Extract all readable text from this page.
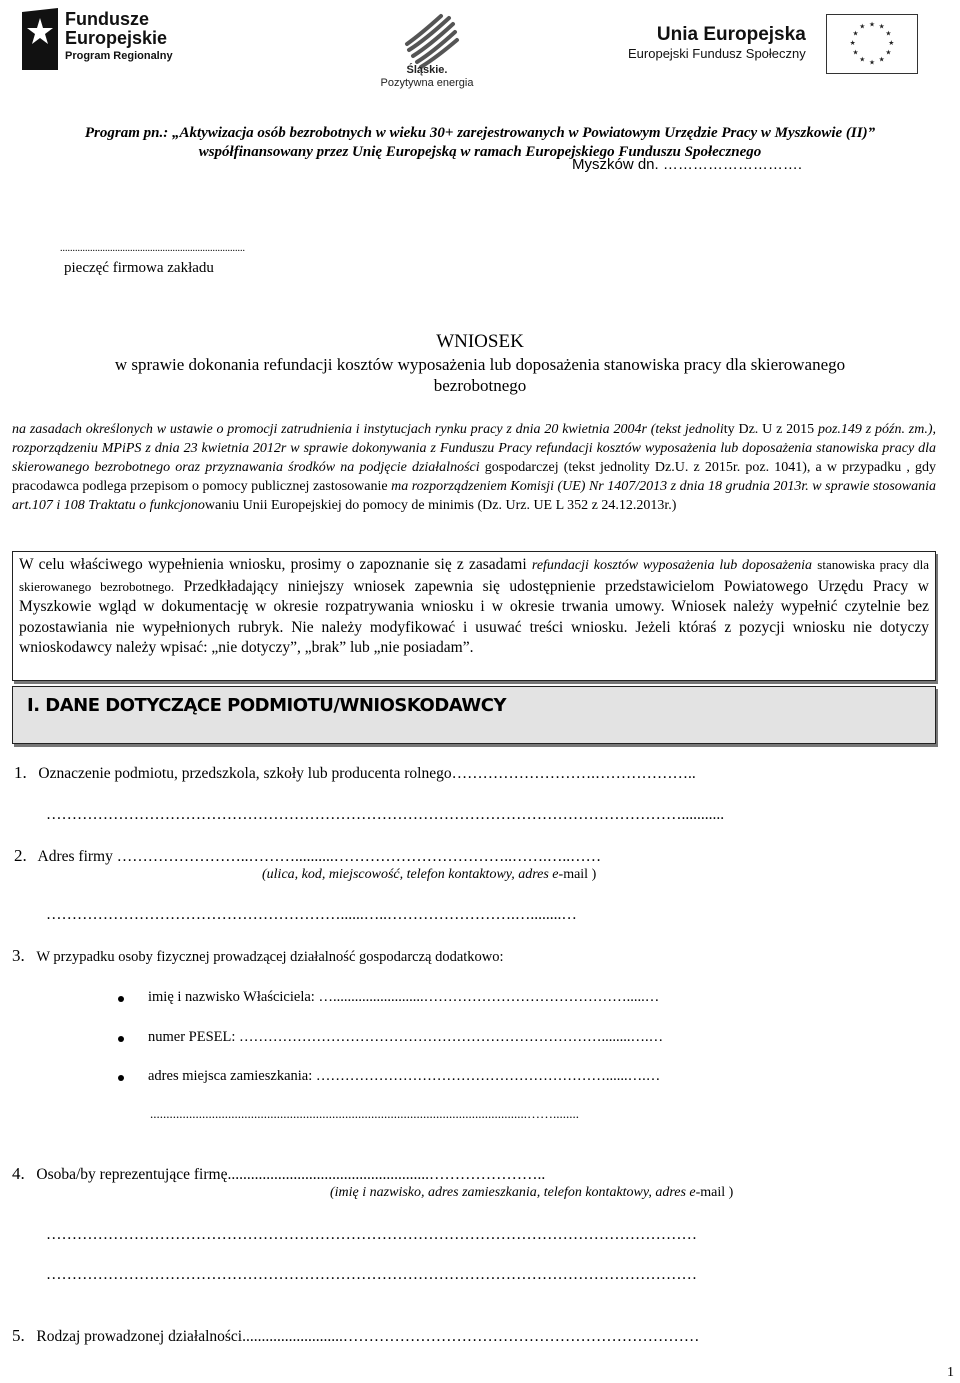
Fundusze
Europejskie
Program Regionalny
Śląskie.
Pozytywna energia
Unia Europejska
Europejski Fundusz Społeczny
★ ★
★
★
★
★
★
★
★
★
★
★
Program pn.: „Aktywizacja osób bezrobotnych w wieku 30+ zarejestrowanych w Powiatowym Urzędzie Pracy w Myszkowie (II)”
współfinansowany przez Unię Europejską w ramach Europejskiego Funduszu Społecznego
Myszków dn. ……………………….
..........................................................................
pieczęć firmowa zakładu
WNIOSEK
w sprawie dokonania refundacji kosztów wyposażenia lub doposażenia stanowiska pracy dla skierowanego bezrobotnego
na zasadach określonych w ustawie o promocji zatrudnienia i instytucjach rynku pracy z dnia 20 kwietnia 2004r (tekst jednolity Dz. U z 2015 poz.149 z późn. zm.), rozporządzeniu MPiPS z dnia 23 kwietnia 2012r w sprawie dokonywania z Funduszu Pracy refundacji kosztów wyposażenia lub doposażenia stanowiska pracy dla skierowanego bezrobotnego oraz przyznawania środków na podjęcie działalności gospodarczej (tekst jednolity Dz.U. z 2015r. poz. 1041), a w przypadku , gdy pracodawca podlega przepisom o pomocy publicznej zastosowanie ma rozporządzeniem Komisji (UE) Nr 1407/2013 z dnia 18 grudnia 2013r. w sprawie stosowania art.107 i 108 Traktatu o funkcjonowaniu Unii Europejskiej do pomocy de minimis (Dz. Urz. UE L 352 z 24.12.2013r.)

W celu właściwego wypełnienia wniosku, prosimy o zapoznanie się z zasadami refundacji kosztów wyposażenia lub doposażenia stanowiska pracy dla skierowanego bezrobotnego. Przedkładający niniejszy wniosek zapewnia się udostępnienie przedstawicielom Powiatowego Urzędu Pracy w Myszkowie wgląd w dokumentację w okresie rozpatrywania wniosku i w okresie trwania umowy. Wniosek należy wypełnić czytelnie bez pozostawiania nie wypełnionych rubryk. Nie należy modyfikować i usuwać treści wniosku. Jeżeli któraś z pozycji wniosku nie dotyczy wnioskodawcy należy wpisać: „nie dotyczy”, „brak” lub „nie posiadam”.

I. DANE DOTYCZĄCE PODMIOTU/WNIOSKODAWCY
1. Oznaczenie podmiotu, przedszkola, szkoły lub producenta rolnego……………………….………………..
……………………………………………………………………………………………………………...........
2. Adres firmy ……………………..………..........……………………………..…….…..……
(ulica, kod, miejscowość, telefon kontaktowy, adres e-mail )
…………………………………………………......…..…………………….…........…
3. W przypadku osoby fizycznej prowadzącej działalność gospodarczą dodatkowo:
imię i nazwisko Właściciela: ….........................…………………………………….....…
numer PESEL: …………………………………………………………………........….…
adres miejsca zamieszkania: ……………………………………………………......….…
....................................................................................................................……........
4. Osoba/by reprezentujące firmę....................................................…………………..
(imię i nazwisko, adres zamieszkania, telefon kontaktowy, adres e-mail )
………………………………………………………………………………………………………………
………………………………………………………………………………………………………………
5. Rodzaj prowadzonej działalności..........................……………………………………………………………
1
